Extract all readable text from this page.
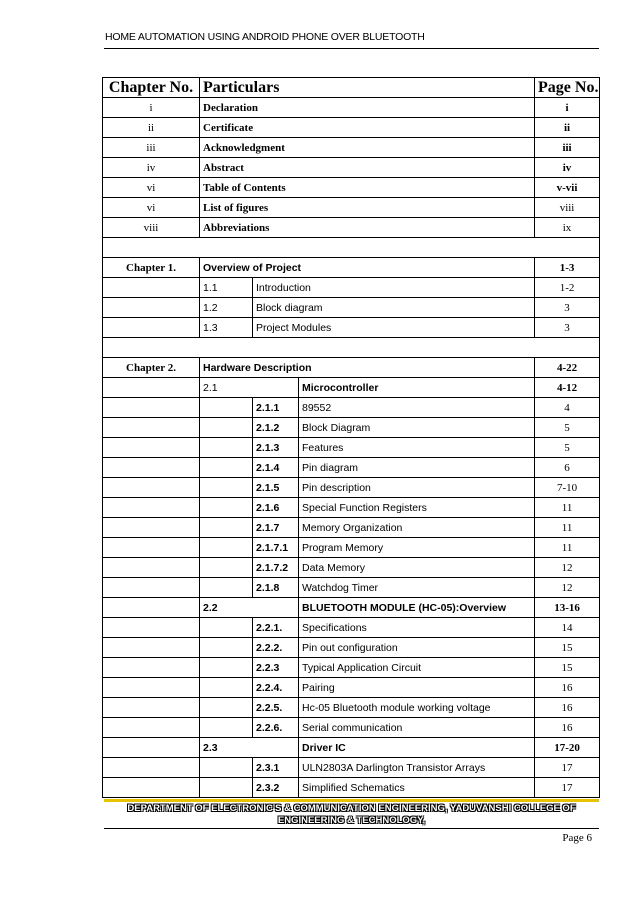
HOME AUTOMATION USING ANDROID PHONE OVER BLUETOOTH
Chapter No.	Particulars			Page No.
i	Declaration			i
ii	Certificate			ii
iii	Acknowledgment			iii
iv	Abstract			iv
vi	Table of Contents			v-vii
vi	List of figures			viii
viii	Abbreviations			ix

Chapter 1.	Overview of Project			1-3
	1.1	Introduction		1-2
	1.2	Block diagram		3
	1.3	Project Modules		3

Chapter 2.	Hardware Description			4-22
	2.1		Microcontroller	4-12
		2.1.1	89552	4
		2.1.2	Block Diagram	5
		2.1.3	Features	5
		2.1.4	Pin diagram	6
		2.1.5	Pin description	7-10
		2.1.6	Special Function Registers	11
		2.1.7	Memory Organization	11
		2.1.7.1	Program Memory	11
		2.1.7.2	Data Memory	12
		2.1.8	Watchdog Timer	12
	2.2		BLUETOOTH MODULE (HC-05):Overview	13-16
		2.2.1.	Specifications	14
		2.2.2.	Pin out configuration	15
		2.2.3	Typical Application Circuit	15
		2.2.4.	Pairing	16
		2.2.5.	Hc-05 Bluetooth module working voltage	16
		2.2.6.	Serial communication	16
	2.3		Driver IC	17-20
		2.3.1	ULN2803A Darlington Transistor Arrays	17
		2.3.2	Simplified Schematics	17
DEPARTMENT OF ELECTRONIC'S & COMMUNICATION ENGINEERING, YADUVANSHI COLLEGE OF
ENGINEERING & TECHNOLOGY,
Page 6
